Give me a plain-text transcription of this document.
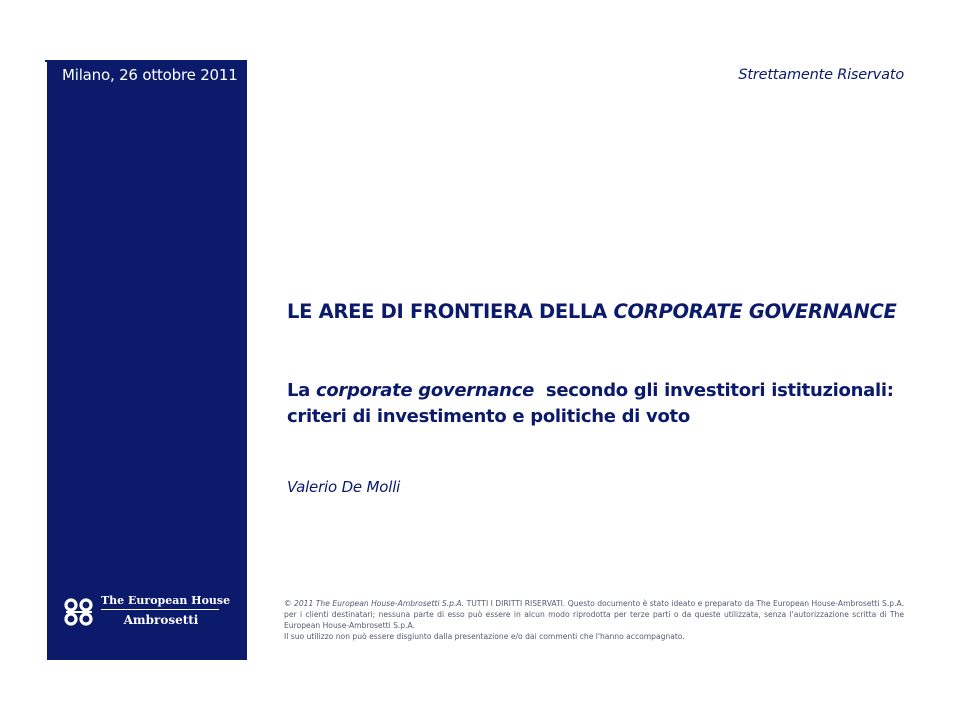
Milano, 26 ottobre 2011	Strettamente Riservato
LE AREE DI FRONTIERA DELLA CORPORATE GOVERNANCE
La corporate governance  secondo gli investitori istituzionali: criteri di investimento e politiche di voto
Valerio De Molli
The European House
Ambrosetti
© 2011 The European House-Ambrosetti S.p.A. TUTTI I DIRITTI RISERVATI. Questo documento è stato ideato e preparato da The European House-Ambrosetti S.p.A. per i clienti destinatari; nessuna parte di esso può essere in alcun modo riprodotta per terze parti o da queste utilizzata, senza l'autorizzazione scritta di The European House-Ambrosetti S.p.A.
Il suo utilizzo non può essere disgiunto dalla presentazione e/o dai commenti che l'hanno accompagnato.
